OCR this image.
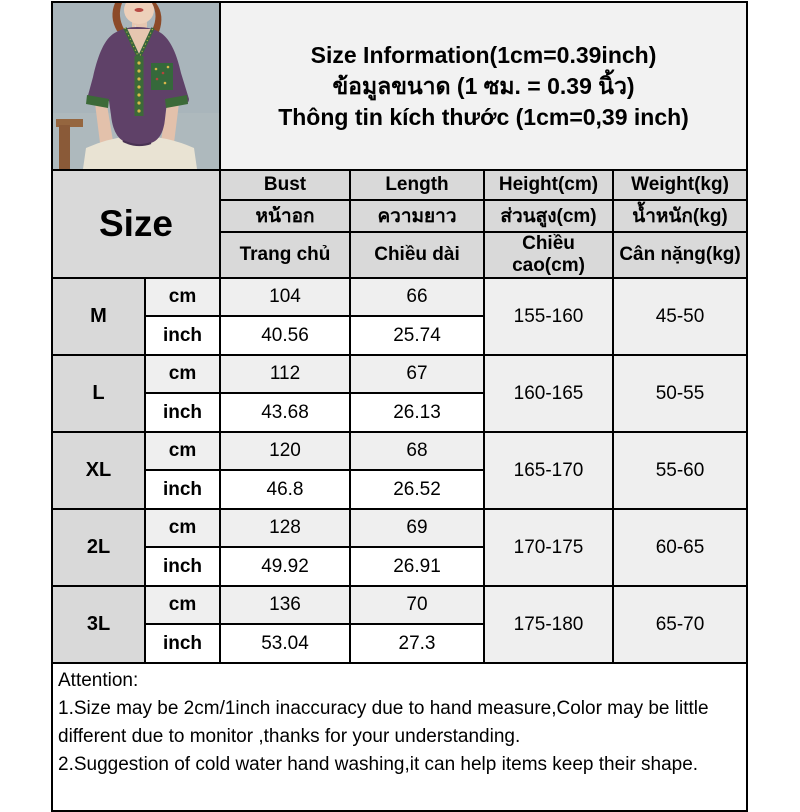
Size Information(1cm=0.39inch)
ข้อมูลขนาด (1 ซม. = 0.39 นิ้ว)
Thông tin kích thước (1cm=0,39 inch)			

Size		Bust	Length	Height(cm)	Weight(kg)
		หน้าอก	ความยาว	ส่วนสูง(cm)	น้ำหนัก(kg)
		Trang chủ	Chiều dài	Chiều cao(cm)	Cân nặng(kg)
M	cm	104	66	155-160	45-50
	inch	40.56	25.74		
L	cm	112	67	160-165	50-55
	inch	43.68	26.13		
XL	cm	120	68	165-170	55-60
	inch	46.8	26.52		
2L	cm	128	69	170-175	60-65
	inch	49.92	26.91		
3L	cm	136	70	175-180	65-70
	inch	53.04	27.3		

Attention:
1.Size may be 2cm/1inch inaccuracy due to hand measure,Color may be little different due to monitor ,thanks for your understanding.
2.Suggestion of cold water hand washing,it can help items keep their shape.					
